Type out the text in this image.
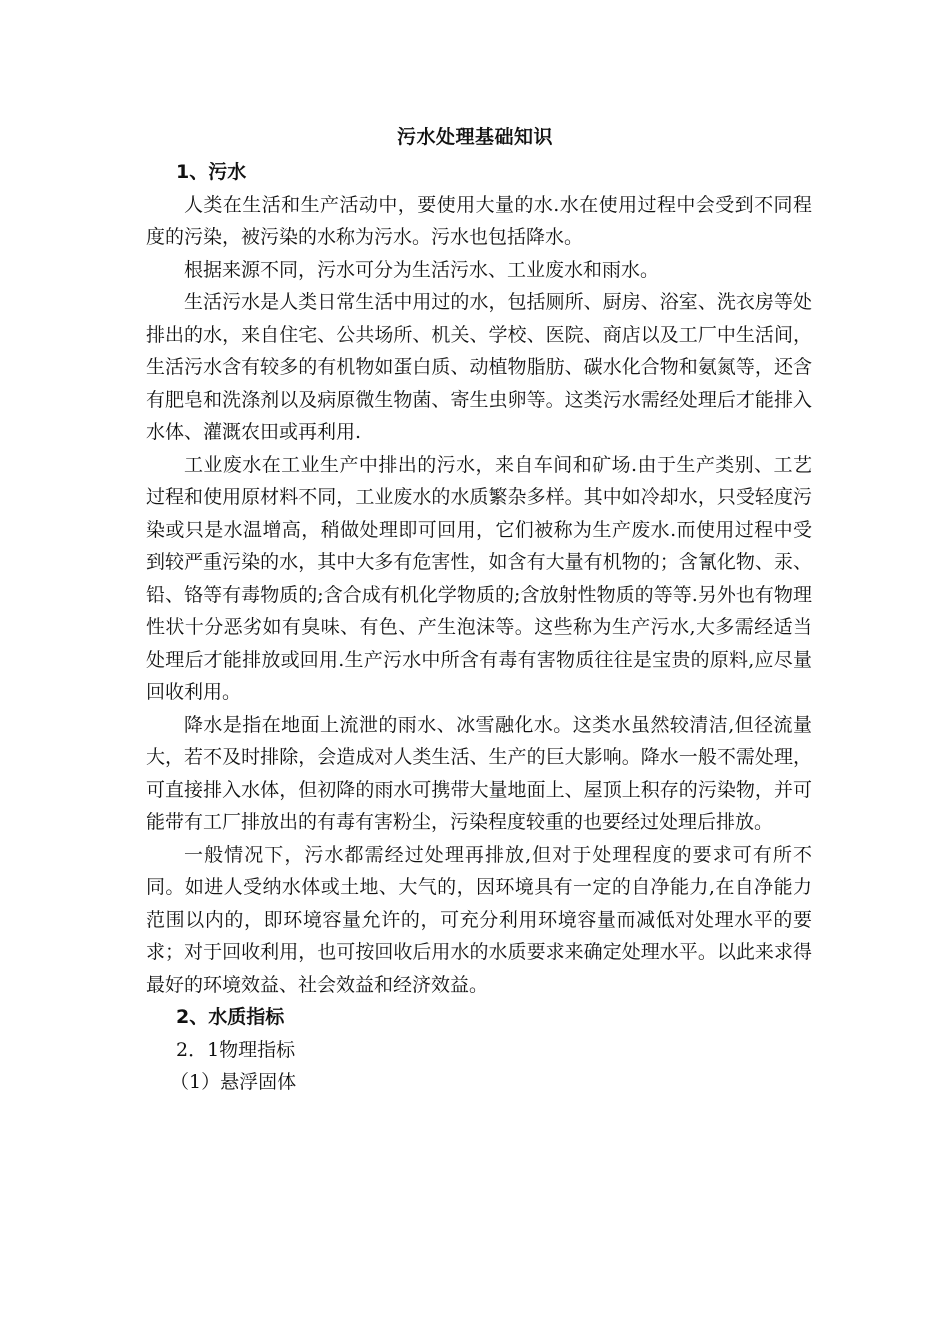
污水处理基础知识

1、污水

人类在生活和生产活动中，要使用大量的水.水在使用过程中会受到不同程度的污染，被污染的水称为污水。污水也包括降水。

根据来源不同，污水可分为生活污水、工业废水和雨水。

生活污水是人类日常生活中用过的水，包括厕所、厨房、浴室、洗衣房等处排出的水，来自住宅、公共场所、机关、学校、医院、商店以及工厂中生活间，生活污水含有较多的有机物如蛋白质、动植物脂肪、碳水化合物和氨氮等，还含有肥皂和洗涤剂以及病原微生物菌、寄生虫卵等。这类污水需经处理后才能排入水体、灌溉农田或再利用.

工业废水在工业生产中排出的污水，来自车间和矿场.由于生产类别、工艺过程和使用原材料不同，工业废水的水质繁杂多样。其中如冷却水，只受轻度污染或只是水温增高，稍做处理即可回用，它们被称为生产废水.而使用过程中受到较严重污染的水，其中大多有危害性，如含有大量有机物的；含氰化物、汞、铅、铬等有毒物质的;含合成有机化学物质的;含放射性物质的等等.另外也有物理性状十分恶劣如有臭味、有色、产生泡沫等。这些称为生产污水,大多需经适当处理后才能排放或回用.生产污水中所含有毒有害物质往往是宝贵的原料,应尽量回收利用。

降水是指在地面上流泄的雨水、冰雪融化水。这类水虽然较清洁,但径流量大，若不及时排除，会造成对人类生活、生产的巨大影响。降水一般不需处理，可直接排入水体，但初降的雨水可携带大量地面上、屋顶上积存的污染物，并可能带有工厂排放出的有毒有害粉尘，污染程度较重的也要经过处理后排放。

一般情况下，污水都需经过处理再排放,但对于处理程度的要求可有所不同。如进人受纳水体或土地、大气的，因环境具有一定的自净能力,在自净能力范围以内的，即环境容量允许的，可充分利用环境容量而减低对处理水平的要求；对于回收利用，也可按回收后用水的水质要求来确定处理水平。以此来求得最好的环境效益、社会效益和经济效益。

2、水质指标

2．1物理指标

（1）悬浮固体
